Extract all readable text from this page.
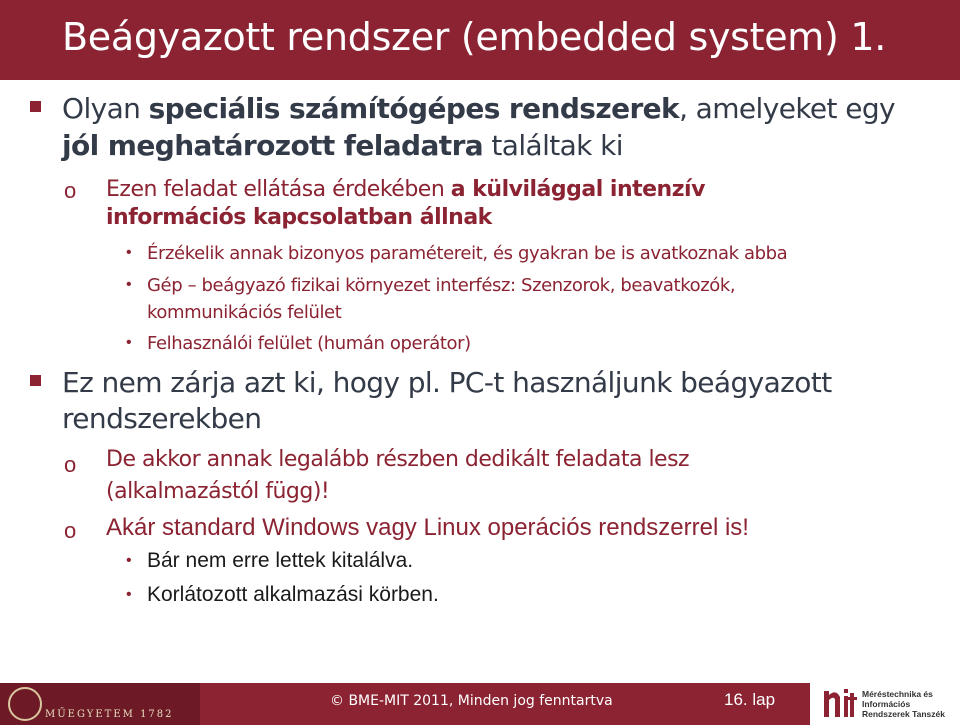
Beágyazott rendszer (embedded system) 1.
Olyan speciális számítógépes rendszerek, amelyeket egy
jól meghatározott feladatra találtak ki
o Ezen feladat ellátása érdekében a külvilággal intenzív
információs kapcsolatban állnak
• Érzékelik annak bizonyos paramétereit, és gyakran be is avatkoznak abba
• Gép – beágyazó fizikai környezet interfész: Szenzorok, beavatkozók,
kommunikációs felület
• Felhasználói felület (humán operátor)
Ez nem zárja azt ki, hogy pl. PC-t használjunk beágyazott
rendszerekben
o De akkor annak legalább részben dedikált feladata lesz
(alkalmazástól függ)!
o Akár standard Windows vagy Linux operációs rendszerrel is!
• Bár nem erre lettek kitalálva.
• Korlátozott alkalmazási körben.
MŰEGYETEM 1782
© BME-MIT 2011, Minden jog fenntartva	16. lap	Méréstechnika és Információs Rendszerek Tanszék
